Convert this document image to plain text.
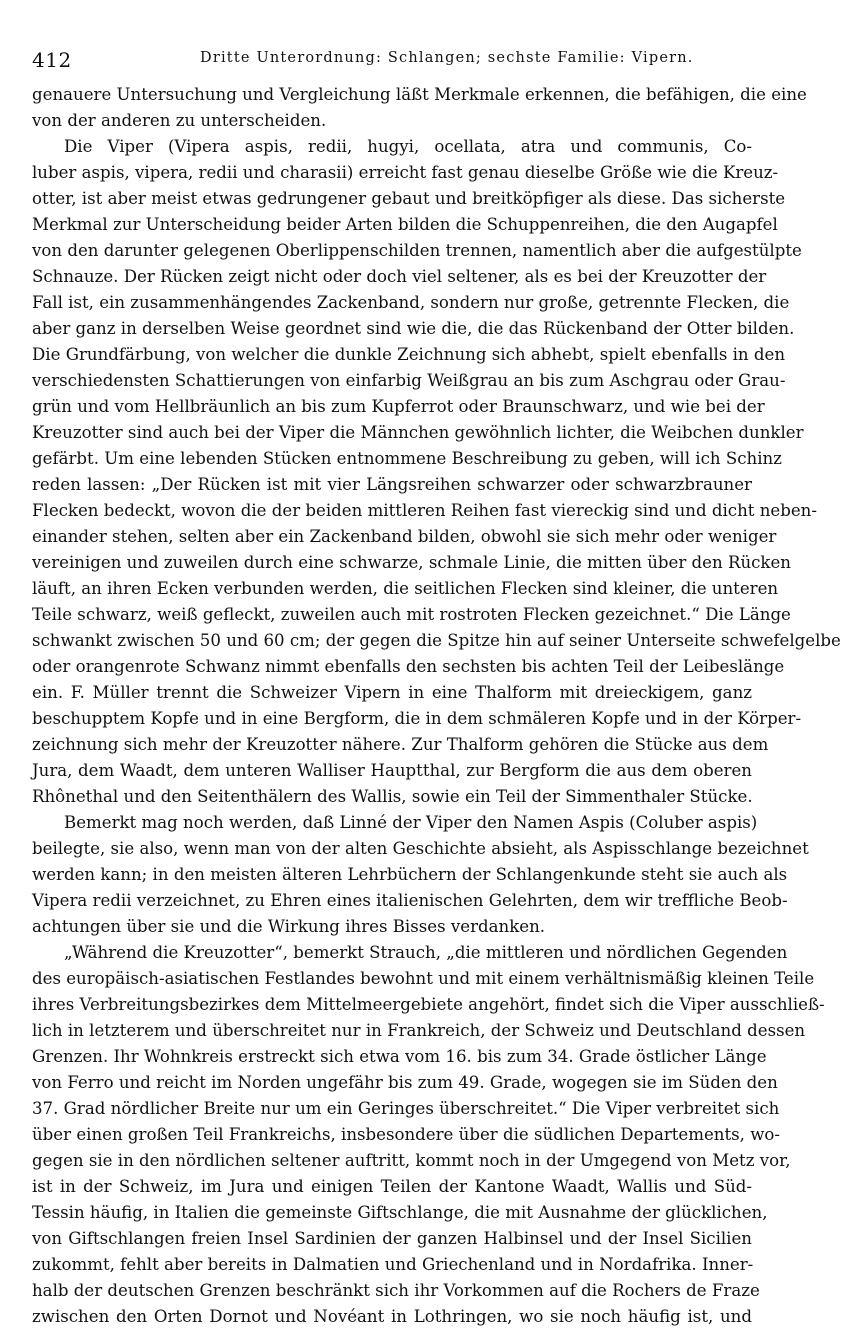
412	Dritte Unterordnung: Schlangen; sechste Familie: Vipern.
genauere Untersuchung und Vergleichung läßt Merkmale erkennen, die befähigen, die eine
von der anderen zu unterscheiden.
Die Viper (Vipera aspis, redii, hugyi, ocellata, atra und communis, Co-
luber aspis, vipera, redii und charasii) erreicht fast genau dieselbe Größe wie die Kreuz-
otter, ist aber meist etwas gedrungener gebaut und breitköpfiger als diese. Das sicherste
Merkmal zur Unterscheidung beider Arten bilden die Schuppenreihen, die den Augapfel
von den darunter gelegenen Oberlippenschilden trennen, namentlich aber die aufgestülpte
Schnauze. Der Rücken zeigt nicht oder doch viel seltener, als es bei der Kreuzotter der
Fall ist, ein zusammenhängendes Zackenband, sondern nur große, getrennte Flecken, die
aber ganz in derselben Weise geordnet sind wie die, die das Rückenband der Otter bilden.
Die Grundfärbung, von welcher die dunkle Zeichnung sich abhebt, spielt ebenfalls in den
verschiedensten Schattierungen von einfarbig Weißgrau an bis zum Aschgrau oder Grau-
grün und vom Hellbräunlich an bis zum Kupferrot oder Braunschwarz, und wie bei der
Kreuzotter sind auch bei der Viper die Männchen gewöhnlich lichter, die Weibchen dunkler
gefärbt. Um eine lebenden Stücken entnommene Beschreibung zu geben, will ich Schinz
reden lassen: „Der Rücken ist mit vier Längsreihen schwarzer oder schwarzbrauner
Flecken bedeckt, wovon die der beiden mittleren Reihen fast viereckig sind und dicht neben-
einander stehen, selten aber ein Zackenband bilden, obwohl sie sich mehr oder weniger
vereinigen und zuweilen durch eine schwarze, schmale Linie, die mitten über den Rücken
läuft, an ihren Ecken verbunden werden, die seitlichen Flecken sind kleiner, die unteren
Teile schwarz, weiß gefleckt, zuweilen auch mit rostroten Flecken gezeichnet.“ Die Länge
schwankt zwischen 50 und 60 cm; der gegen die Spitze hin auf seiner Unterseite schwefelgelbe
oder orangenrote Schwanz nimmt ebenfalls den sechsten bis achten Teil der Leibeslänge
ein. F. Müller trennt die Schweizer Vipern in eine Thalform mit dreieckigem, ganz
beschupptem Kopfe und in eine Bergform, die in dem schmäleren Kopfe und in der Körper-
zeichnung sich mehr der Kreuzotter nähere. Zur Thalform gehören die Stücke aus dem
Jura, dem Waadt, dem unteren Walliser Hauptthal, zur Bergform die aus dem oberen
Rhônethal und den Seitenthälern des Wallis, sowie ein Teil der Simmenthaler Stücke.
Bemerkt mag noch werden, daß Linné der Viper den Namen Aspis (Coluber aspis)
beilegte, sie also, wenn man von der alten Geschichte absieht, als Aspisschlange bezeichnet
werden kann; in den meisten älteren Lehrbüchern der Schlangenkunde steht sie auch als
Vipera redii verzeichnet, zu Ehren eines italienischen Gelehrten, dem wir treffliche Beob-
achtungen über sie und die Wirkung ihres Bisses verdanken.
„Während die Kreuzotter“, bemerkt Strauch, „die mittleren und nördlichen Gegenden
des europäisch-asiatischen Festlandes bewohnt und mit einem verhältnismäßig kleinen Teile
ihres Verbreitungsbezirkes dem Mittelmeergebiete angehört, findet sich die Viper ausschließ-
lich in letzterem und überschreitet nur in Frankreich, der Schweiz und Deutschland dessen
Grenzen. Ihr Wohnkreis erstreckt sich etwa vom 16. bis zum 34. Grade östlicher Länge
von Ferro und reicht im Norden ungefähr bis zum 49. Grade, wogegen sie im Süden den
37. Grad nördlicher Breite nur um ein Geringes überschreitet.“ Die Viper verbreitet sich
über einen großen Teil Frankreichs, insbesondere über die südlichen Departements, wo-
gegen sie in den nördlichen seltener auftritt, kommt noch in der Umgegend von Metz vor,
ist in der Schweiz, im Jura und einigen Teilen der Kantone Waadt, Wallis und Süd-
Tessin häufig, in Italien die gemeinste Giftschlange, die mit Ausnahme der glücklichen,
von Giftschlangen freien Insel Sardinien der ganzen Halbinsel und der Insel Sicilien
zukommt, fehlt aber bereits in Dalmatien und Griechenland und in Nordafrika. Inner-
halb der deutschen Grenzen beschränkt sich ihr Vorkommen auf die Rochers de Fraze
zwischen den Orten Dornot und Novéant in Lothringen, wo sie noch häufig ist, und
